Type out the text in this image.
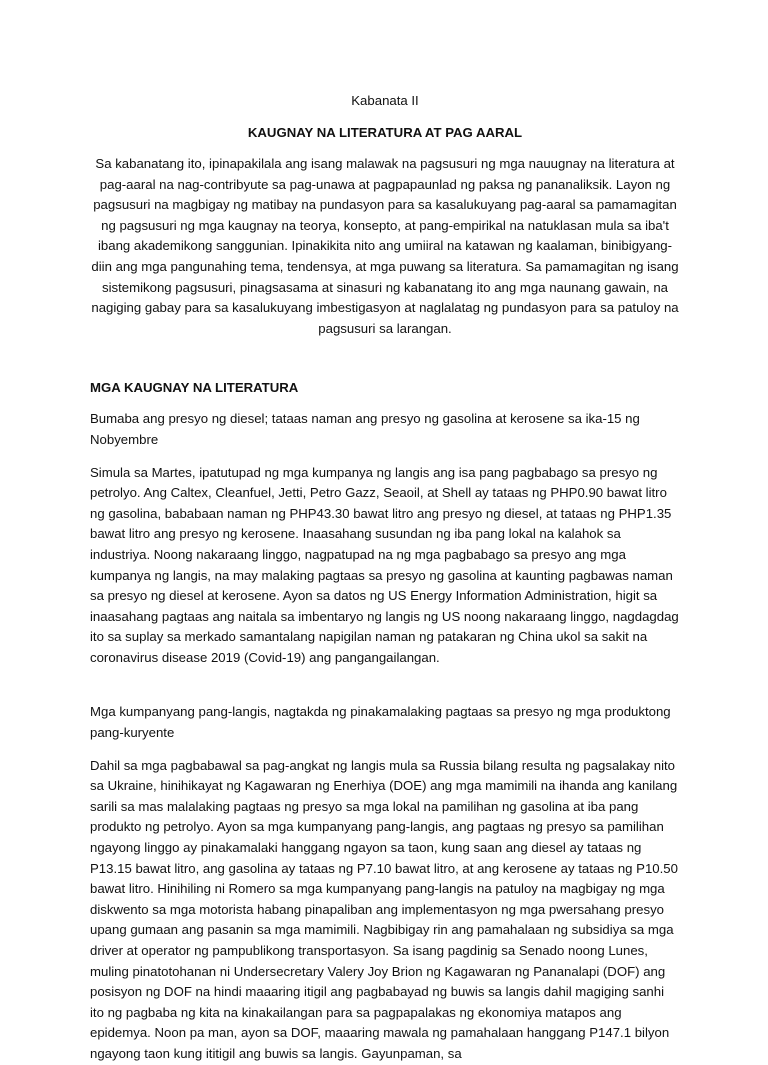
Kabanata II

KAUGNAY NA LITERATURA AT PAG AARAL

Sa kabanatang ito, ipinapakilala ang isang malawak na pagsusuri ng mga nauugnay na literatura at pag-aaral na nag-contribyute sa pag-unawa at pagpapaunlad ng paksa ng pananaliksik. Layon ng pagsusuri na magbigay ng matibay na pundasyon para sa kasalukuyang pag-aaral sa pamamagitan ng pagsusuri ng mga kaugnay na teorya, konsepto, at pang-empirikal na natuklasan mula sa iba't ibang akademikong sanggunian. Ipinakikita nito ang umiiral na katawan ng kaalaman, binibigyang-diin ang mga pangunahing tema, tendensya, at mga puwang sa literatura. Sa pamamagitan ng isang sistemikong pagsusuri, pinagsasama at sinasuri ng kabanatang ito ang mga naunang gawain, na nagiging gabay para sa kasalukuyang imbestigasyon at naglalatag ng pundasyon para sa patuloy na pagsusuri sa larangan.

MGA KAUGNAY NA LITERATURA

Bumaba ang presyo ng diesel; tataas naman ang presyo ng gasolina at kerosene sa ika-15 ng Nobyembre

Simula sa Martes, ipatutupad ng mga kumpanya ng langis ang isa pang pagbabago sa presyo ng petrolyo. Ang Caltex, Cleanfuel, Jetti, Petro Gazz, Seaoil, at Shell ay tataas ng PHP0.90 bawat litro ng gasolina, bababaan naman ng PHP43.30 bawat litro ang presyo ng diesel, at tataas ng PHP1.35 bawat litro ang presyo ng kerosene. Inaasahang susundan ng iba pang lokal na kalahok sa industriya. Noong nakaraang linggo, nagpatupad na ng mga pagbabago sa presyo ang mga kumpanya ng langis, na may malaking pagtaas sa presyo ng gasolina at kaunting pagbawas naman sa presyo ng diesel at kerosene. Ayon sa datos ng US Energy Information Administration, higit sa inaasahang pagtaas ang naitala sa imbentaryo ng langis ng US noong nakaraang linggo, nagdagdag ito sa suplay sa merkado samantalang napigilan naman ng patakaran ng China ukol sa sakit na coronavirus disease 2019 (Covid-19) ang pangangailangan.

Mga kumpanyang pang-langis, nagtakda ng pinakamalaking pagtaas sa presyo ng mga produktong pang-kuryente

Dahil sa mga pagbabawal sa pag-angkat ng langis mula sa Russia bilang resulta ng pagsalakay nito sa Ukraine, hinihikayat ng Kagawaran ng Enerhiya (DOE) ang mga mamimili na ihanda ang kanilang sarili sa mas malalaking pagtaas ng presyo sa mga lokal na pamilihan ng gasolina at iba pang produkto ng petrolyo. Ayon sa mga kumpanyang pang-langis, ang pagtaas ng presyo sa pamilihan ngayong linggo ay pinakamalaki hanggang ngayon sa taon, kung saan ang diesel ay tataas ng P13.15 bawat litro, ang gasolina ay tataas ng P7.10 bawat litro, at ang kerosene ay tataas ng P10.50 bawat litro. Hinihiling ni Romero sa mga kumpanyang pang-langis na patuloy na magbigay ng mga diskwento sa mga motorista habang pinapaliban ang implementasyon ng mga pwersahang presyo upang gumaan ang pasanin sa mga mamimili. Nagbibigay rin ang pamahalaan ng subsidiya sa mga driver at operator ng pampublikong transportasyon. Sa isang pagdinig sa Senado noong Lunes, muling pinatotohanan ni Undersecretary Valery Joy Brion ng Kagawaran ng Pananalapi (DOF) ang posisyon ng DOF na hindi maaaring itigil ang pagbabayad ng buwis sa langis dahil magiging sanhi ito ng pagbaba ng kita na kinakailangan para sa pagpapalakas ng ekonomiya matapos ang epidemya. Noon pa man, ayon sa DOF, maaaring mawala ng pamahalaan hanggang P147.1 bilyon ngayong taon kung ititigil ang buwis sa langis. Gayunpaman, sa
